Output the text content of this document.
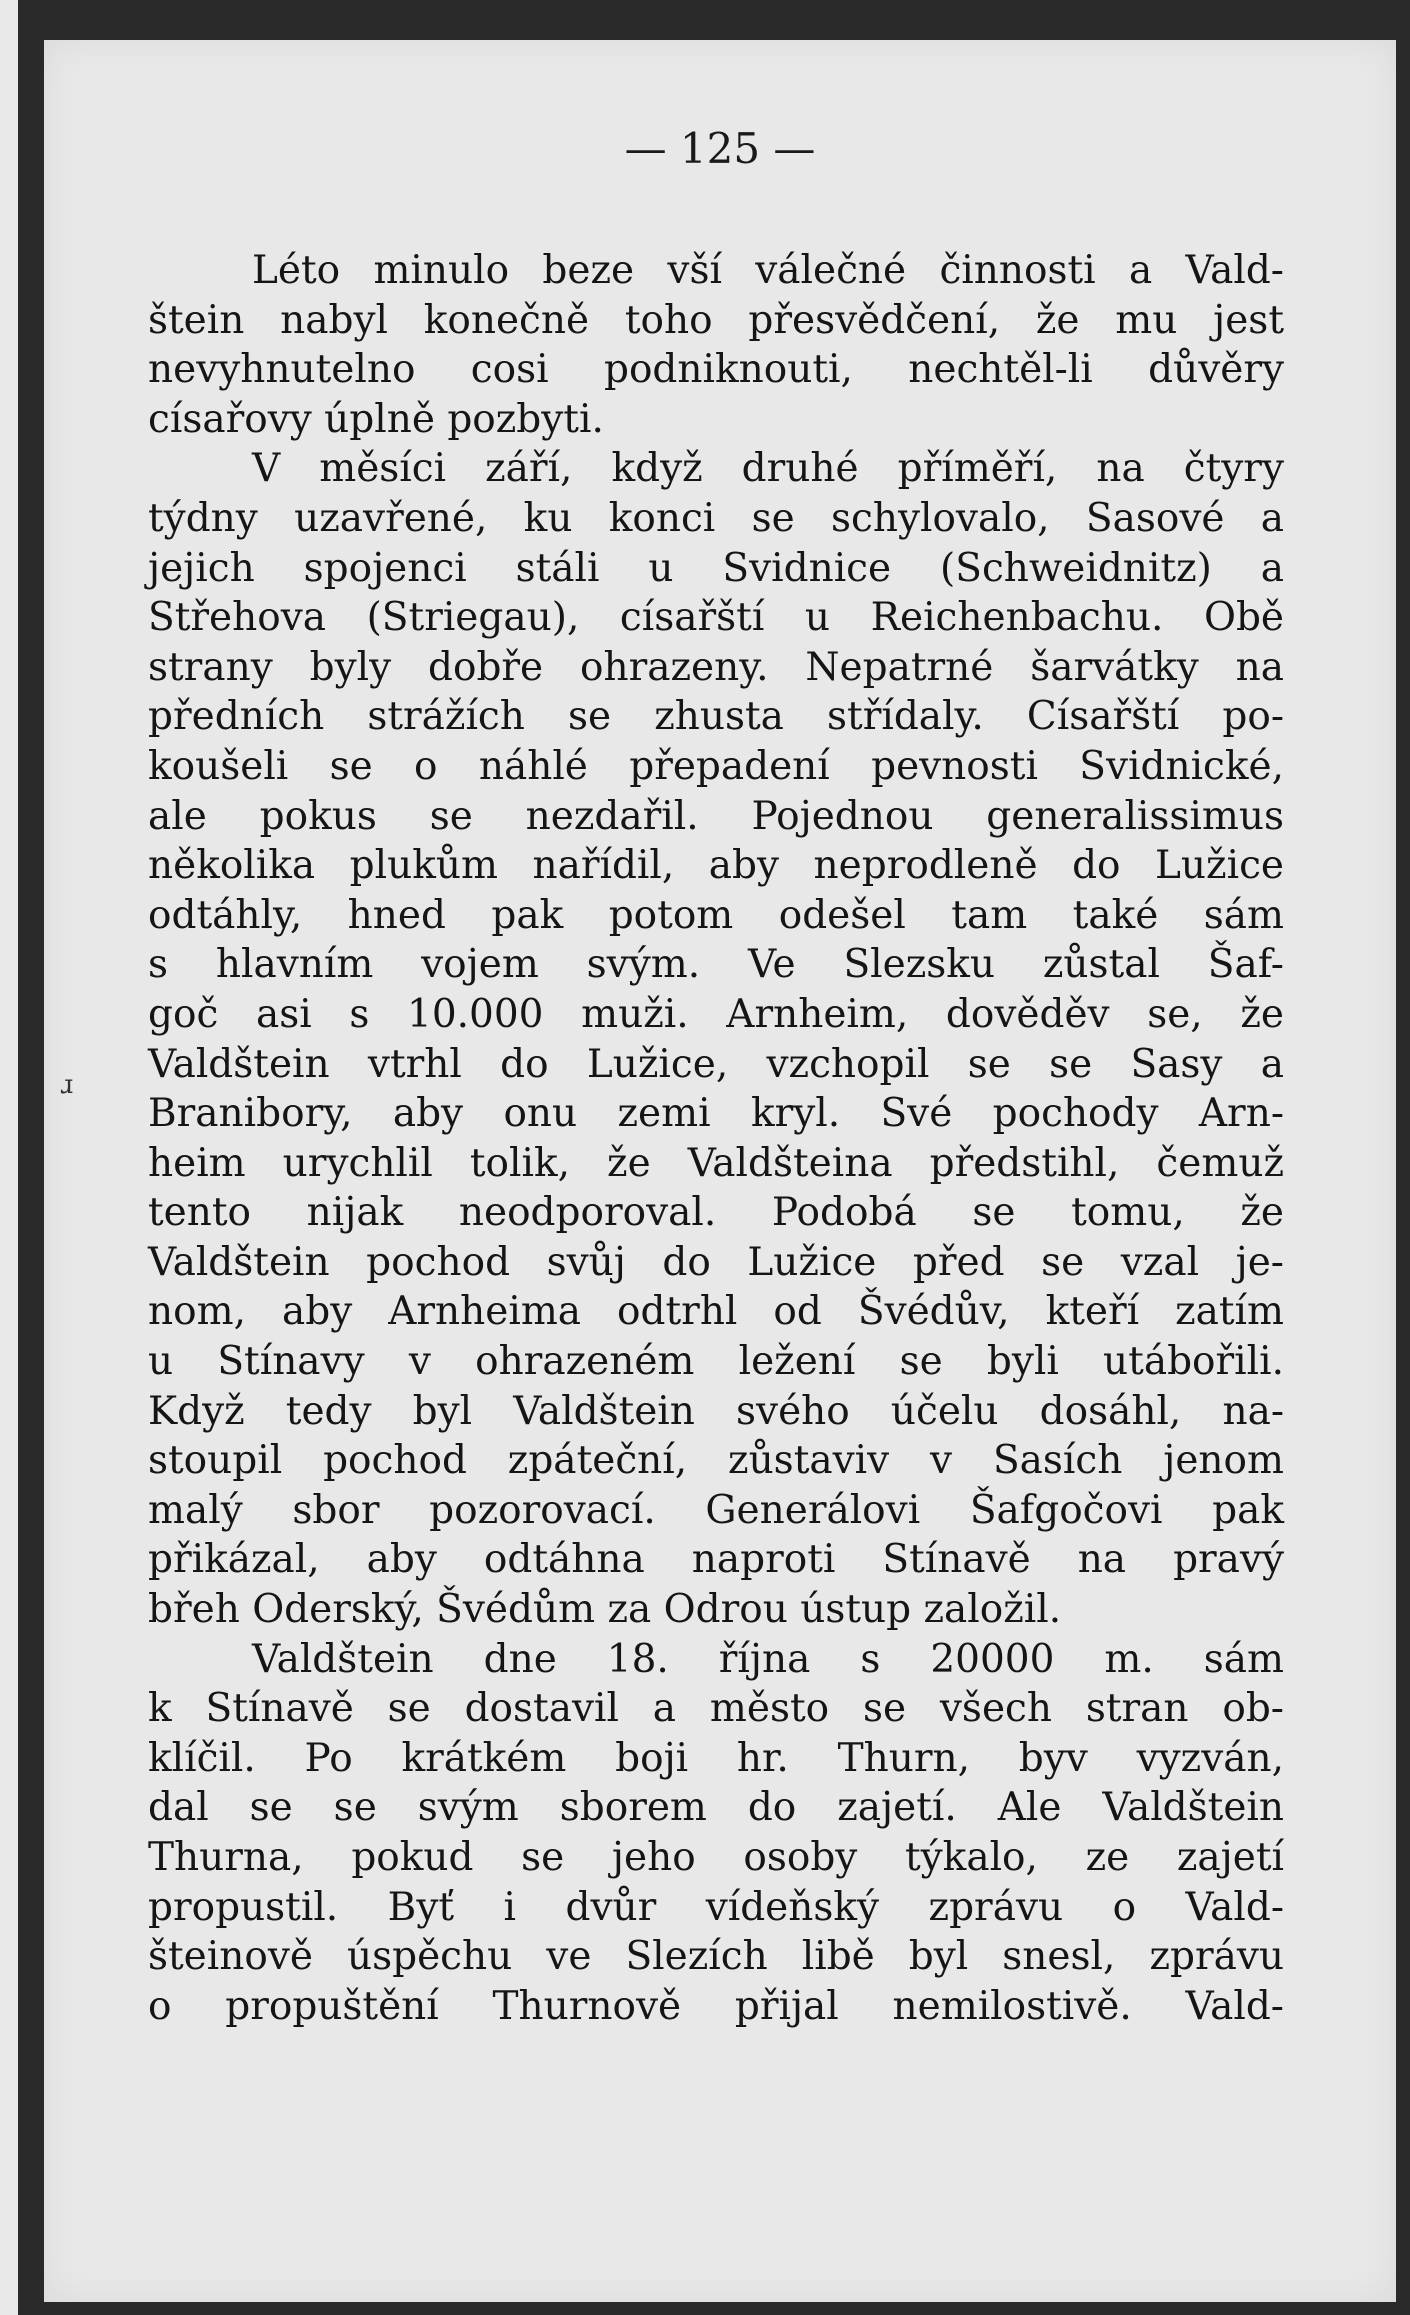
— 125 —

Léto minulo beze vší válečné činnosti a Vald-
štein nabyl konečně toho přesvědčení, že mu jest
nevyhnutelno cosi podniknouti, nechtěl-li důvěry
císařovy úplně pozbyti.
V měsíci září, když druhé příměří, na čtyry
týdny uzavřené, ku konci se schylovalo, Sasové a
jejich spojenci stáli u Svidnice (Schweidnitz) a
Střehova (Striegau), císařští u Reichenbachu. Obě
strany byly dobře ohrazeny. Nepatrné šarvátky na
předních strážích se zhusta střídaly. Císařští po-
koušeli se o náhlé přepadení pevnosti Svidnické,
ale pokus se nezdařil. Pojednou generalissimus
několika plukům nařídil, aby neprodleně do Lužice
odtáhly, hned pak potom odešel tam také sám
s hlavním vojem svým. Ve Slezsku zůstal Šaf-
goč asi s 10.000 muži. Arnheim, dověděv se, že
Valdštein vtrhl do Lužice, vzchopil se se Sasy a
Branibory, aby onu zemi kryl. Své pochody Arn-
heim urychlil tolik, že Valdšteina předstihl, čemuž
tento nijak neodporoval. Podobá se tomu, že
Valdštein pochod svůj do Lužice před se vzal je-
nom, aby Arnheima odtrhl od Švédův, kteří zatím
u Stínavy v ohrazeném ležení se byli utábořili.
Když tedy byl Valdštein svého účelu dosáhl, na-
stoupil pochod zpáteční, zůstaviv v Sasích jenom
malý sbor pozorovací. Generálovi Šafgočovi pak
přikázal, aby odtáhna naproti Stínavě na pravý
břeh Oderský, Švédům za Odrou ústup založil.
Valdštein dne 18. října s 20000 m. sám
k Stínavě se dostavil a město se všech stran ob-
klíčil. Po krátkém boji hr. Thurn, byv vyzván,
dal se se svým sborem do zajetí. Ale Valdštein
Thurna, pokud se jeho osoby týkalo, ze zajetí
propustil. Byť i dvůr vídeňský zprávu o Vald-
šteinově úspěchu ve Slezích libě byl snesl, zprávu
o propuštění Thurnově přijal nemilostivě. Vald-
ɹ
